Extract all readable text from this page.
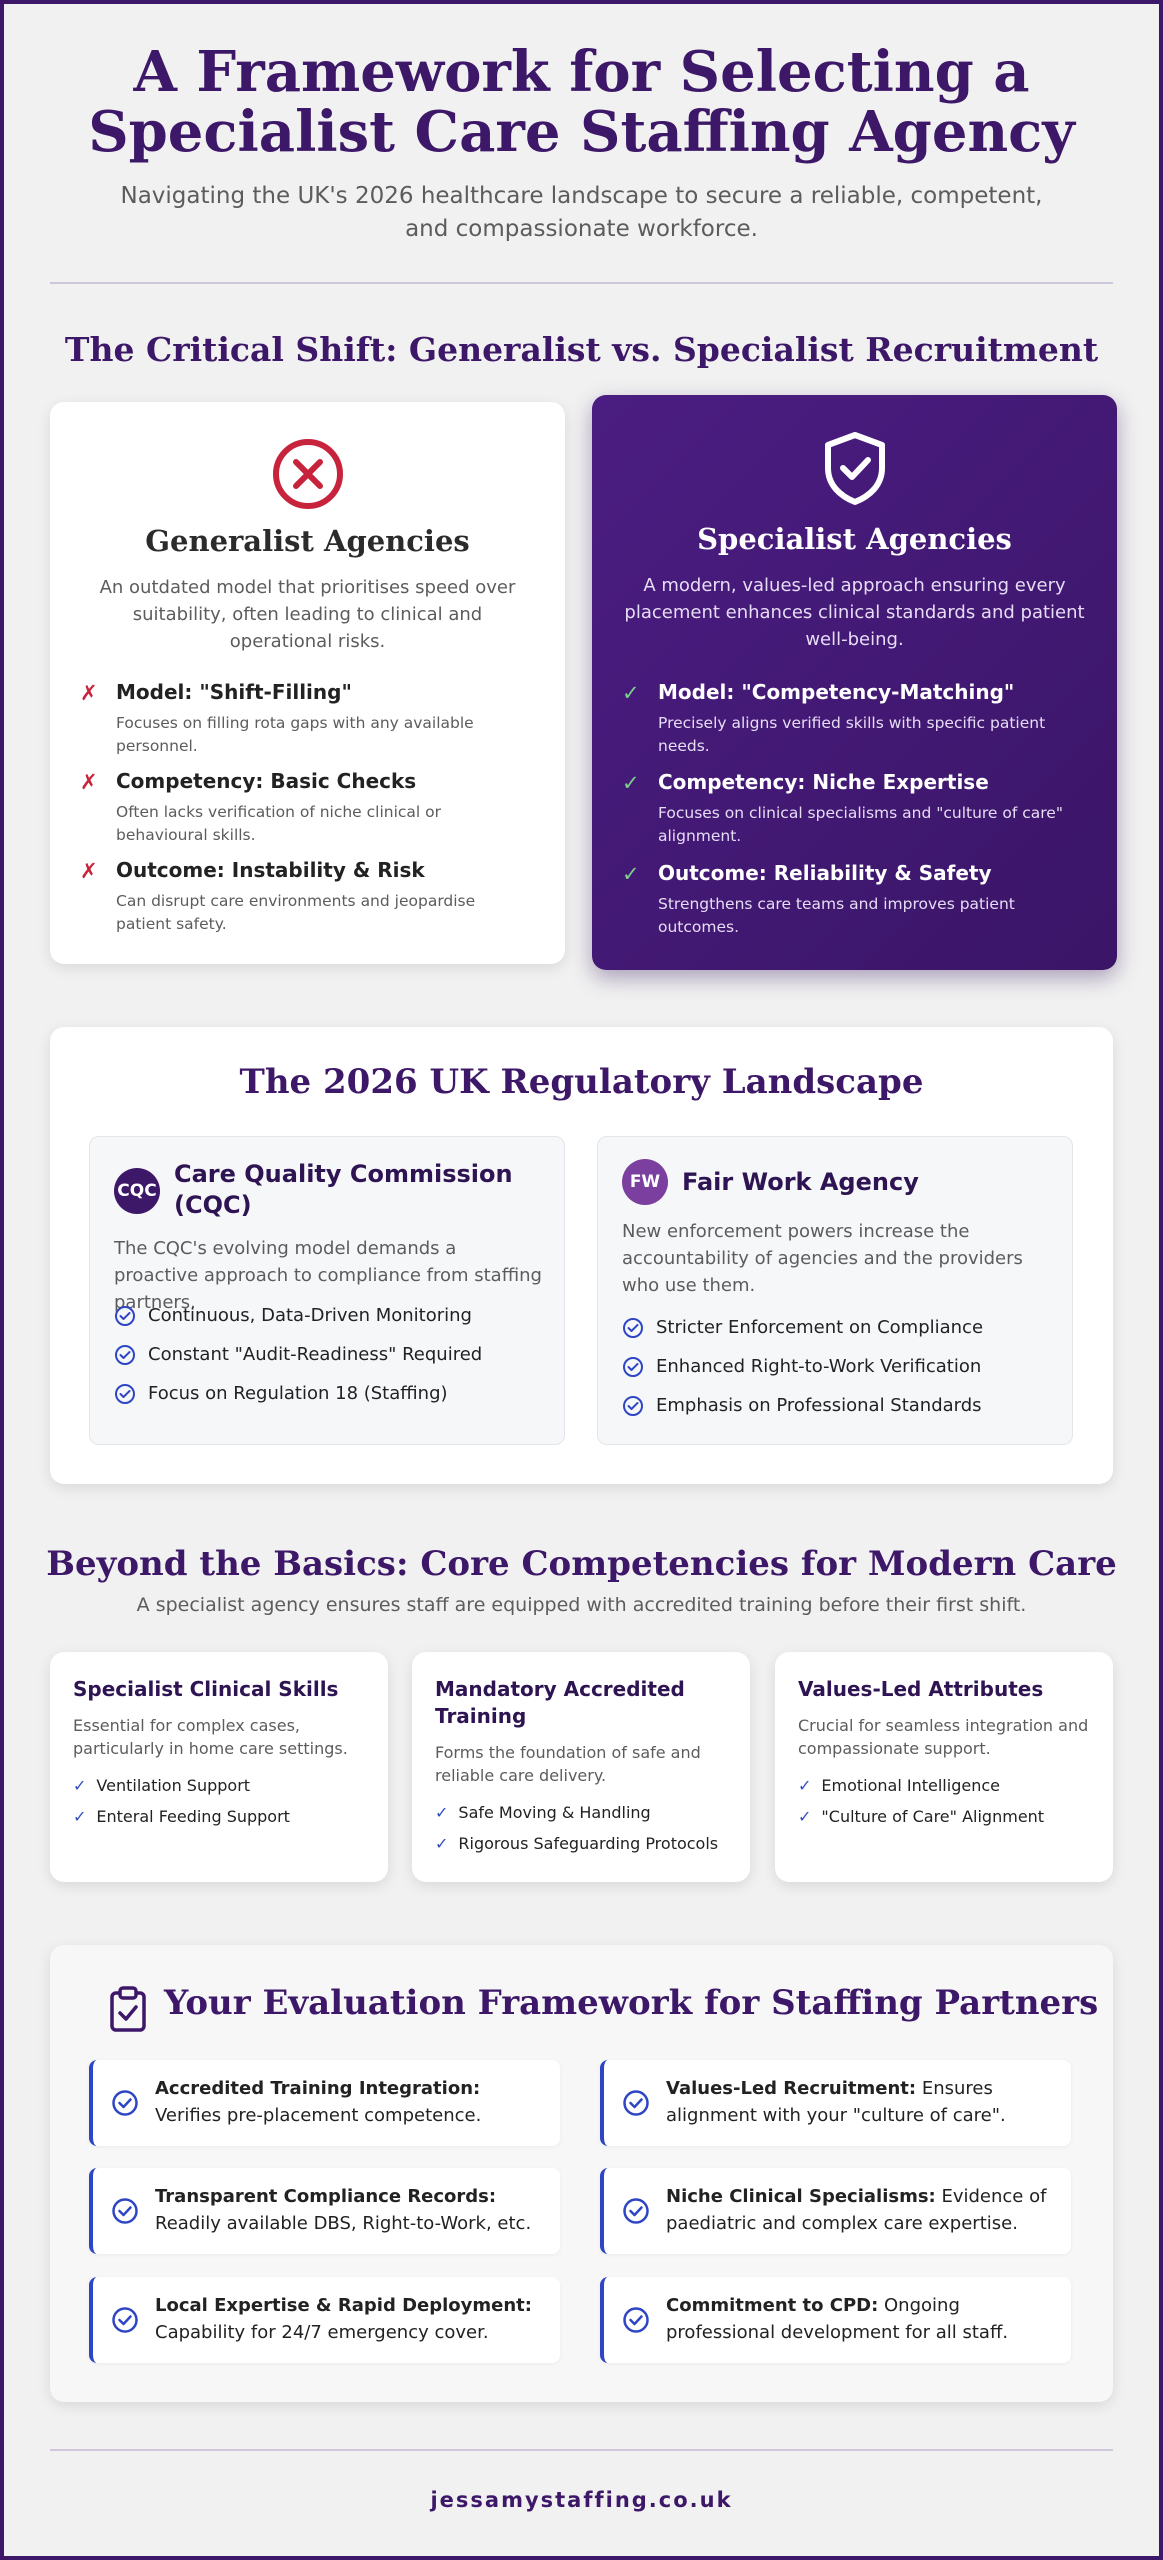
A Framework for Selecting a Specialist Care Staffing Agency

Navigating the UK's 2026 healthcare landscape to secure a reliable, competent, and compassionate workforce.

The Critical Shift: Generalist vs. Specialist Recruitment
Generalist Agencies
An outdated model that prioritises speed over suitability, often leading to clinical and operational risks.
✗ Model: "Shift-Filling"
Focuses on filling rota gaps with any available personnel.
✗ Competency: Basic Checks
Often lacks verification of niche clinical or behavioural skills.
✗ Outcome: Instability & Risk
Can disrupt care environments and jeopardise patient safety.
Specialist Agencies
A modern, values-led approach ensuring every placement enhances clinical standards and patient well-being.
✓ Model: "Competency-Matching"
Precisely aligns verified skills with specific patient needs.
✓ Competency: Niche Expertise
Focuses on clinical specialisms and "culture of care" alignment.
✓ Outcome: Reliability & Safety
Strengthens care teams and improves patient outcomes.
The 2026 UK Regulatory Landscape
CQC
Care Quality Commission (CQC)
The CQC's evolving model demands a proactive approach to compliance from staffing partners.
Continuous, Data-Driven Monitoring
Constant "Audit-Readiness" Required
Focus on Regulation 18 (Staffing)
FW Fair Work Agency
New enforcement powers increase the accountability of agencies and the providers who use them.
Stricter Enforcement on Compliance
Enhanced Right-to-Work Verification
Emphasis on Professional Standards
Beyond the Basics: Core Competencies for Modern Care

A specialist agency ensures staff are equipped with accredited training before their first shift.

Specialist Clinical Skills
Essential for complex cases, particularly in home care settings.
✓ Ventilation Support
✓ Enteral Feeding Support
Mandatory Accredited Training
Forms the foundation of safe and reliable care delivery.
✓ Safe Moving & Handling
✓ Rigorous Safeguarding Protocols
Values-Led Attributes
Crucial for seamless integration and compassionate support.
✓ Emotional Intelligence
✓ "Culture of Care" Alignment
Your Evaluation Framework for Staffing Partners
Accredited Training Integration: Verifies pre-placement competence.
Values-Led Recruitment: Ensures alignment with your "culture of care".
Transparent Compliance Records: Readily available DBS, Right-to-Work, etc.
Niche Clinical Specialisms: Evidence of paediatric and complex care expertise.
Local Expertise & Rapid Deployment: Capability for 24/7 emergency cover.
Commitment to CPD: Ongoing professional development for all staff.
jessamystaffing.co.uk
